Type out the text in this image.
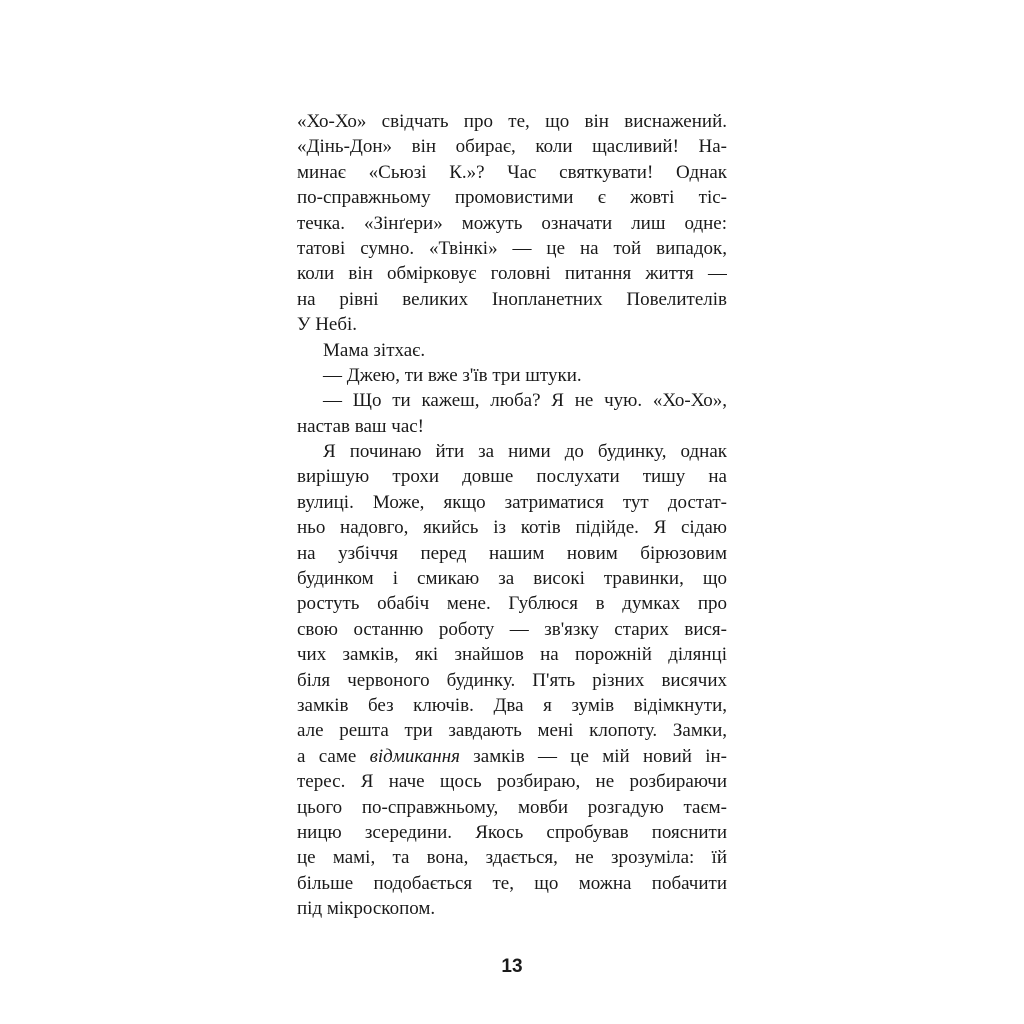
«Хо-Хо» свідчать про те, що він виснажений.
«Дінь-Дон» він обирає, коли щасливий! На-
минає «Сьюзі К.»? Час святкувати! Однак
по-справжньому промовистими є жовті тіс-
течка. «Зінґери» можуть означати лиш одне:
татові сумно. «Твінкі» — це на той випадок,
коли він обмірковує головні питання життя —
на рівні великих Інопланетних Повелителів
У Небі.
Мама зітхає.
— Джею, ти вже з'їв три штуки.
— Що ти кажеш, люба? Я не чую. «Хо-Хо»,
настав ваш час!
Я починаю йти за ними до будинку, однак
вирішую трохи довше послухати тишу на
вулиці. Може, якщо затриматися тут достат-
ньо надовго, якийсь із котів підійде. Я сідаю
на узбіччя перед нашим новим бірюзовим
будинком і смикаю за високі травинки, що
ростуть обабіч мене. Гублюся в думках про
свою останню роботу — зв'язку старих вися-
чих замків, які знайшов на порожній ділянці
біля червоного будинку. П'ять різних висячих
замків без ключів. Два я зумів відімкнути,
але решта три завдають мені клопоту. Замки,
а саме відмикання замків — це мій новий ін-
терес. Я наче щось розбираю, не розбираючи
цього по-справжньому, мовби розгадую таєм-
ницю зсередини. Якось спробував пояснити
це мамі, та вона, здається, не зрозуміла: їй
більше подобається те, що можна побачити
під мікроскопом.
13
